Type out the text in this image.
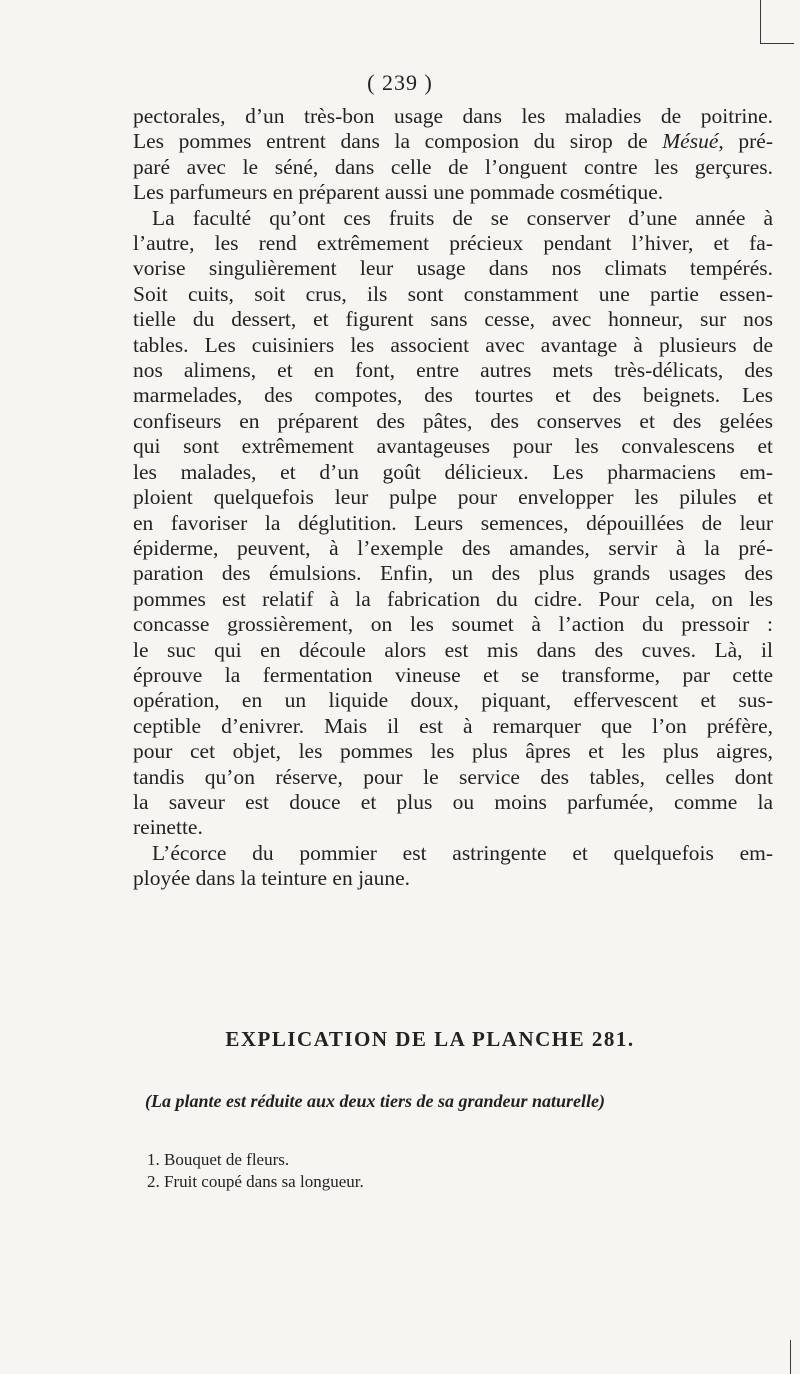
( 239 )
pectorales, d’un très-bon usage dans les maladies de poitrine.
Les pommes entrent dans la composion du sirop de Mésué, pré-
paré avec le séné, dans celle de l’onguent contre les gerçures.
Les parfumeurs en préparent aussi une pommade cosmétique.
La faculté qu’ont ces fruits de se conserver d’une année à
l’autre, les rend extrêmement précieux pendant l’hiver, et fa-
vorise singulièrement leur usage dans nos climats tempérés.
Soit cuits, soit crus, ils sont constamment une partie essen-
tielle du dessert, et figurent sans cesse, avec honneur, sur nos
tables. Les cuisiniers les associent avec avantage à plusieurs de
nos alimens, et en font, entre autres mets très-délicats, des
marmelades, des compotes, des tourtes et des beignets. Les
confiseurs en préparent des pâtes, des conserves et des gelées
qui sont extrêmement avantageuses pour les convalescens et
les malades, et d’un goût délicieux. Les pharmaciens em-
ploient quelquefois leur pulpe pour envelopper les pilules et
en favoriser la déglutition. Leurs semences, dépouillées de leur
épiderme, peuvent, à l’exemple des amandes, servir à la pré-
paration des émulsions. Enfin, un des plus grands usages des
pommes est relatif à la fabrication du cidre. Pour cela, on les
concasse grossièrement, on les soumet à l’action du pressoir :
le suc qui en découle alors est mis dans des cuves. Là, il
éprouve la fermentation vineuse et se transforme, par cette
opération, en un liquide doux, piquant, effervescent et sus-
ceptible d’enivrer. Mais il est à remarquer que l’on préfère,
pour cet objet, les pommes les plus âpres et les plus aigres,
tandis qu’on réserve, pour le service des tables, celles dont
la saveur est douce et plus ou moins parfumée, comme la
reinette.
L’écorce du pommier est astringente et quelquefois em-
ployée dans la teinture en jaune.
EXPLICATION DE LA PLANCHE 281.
(La plante est réduite aux deux tiers de sa grandeur naturelle)
1. Bouquet de fleurs.
2. Fruit coupé dans sa longueur.
